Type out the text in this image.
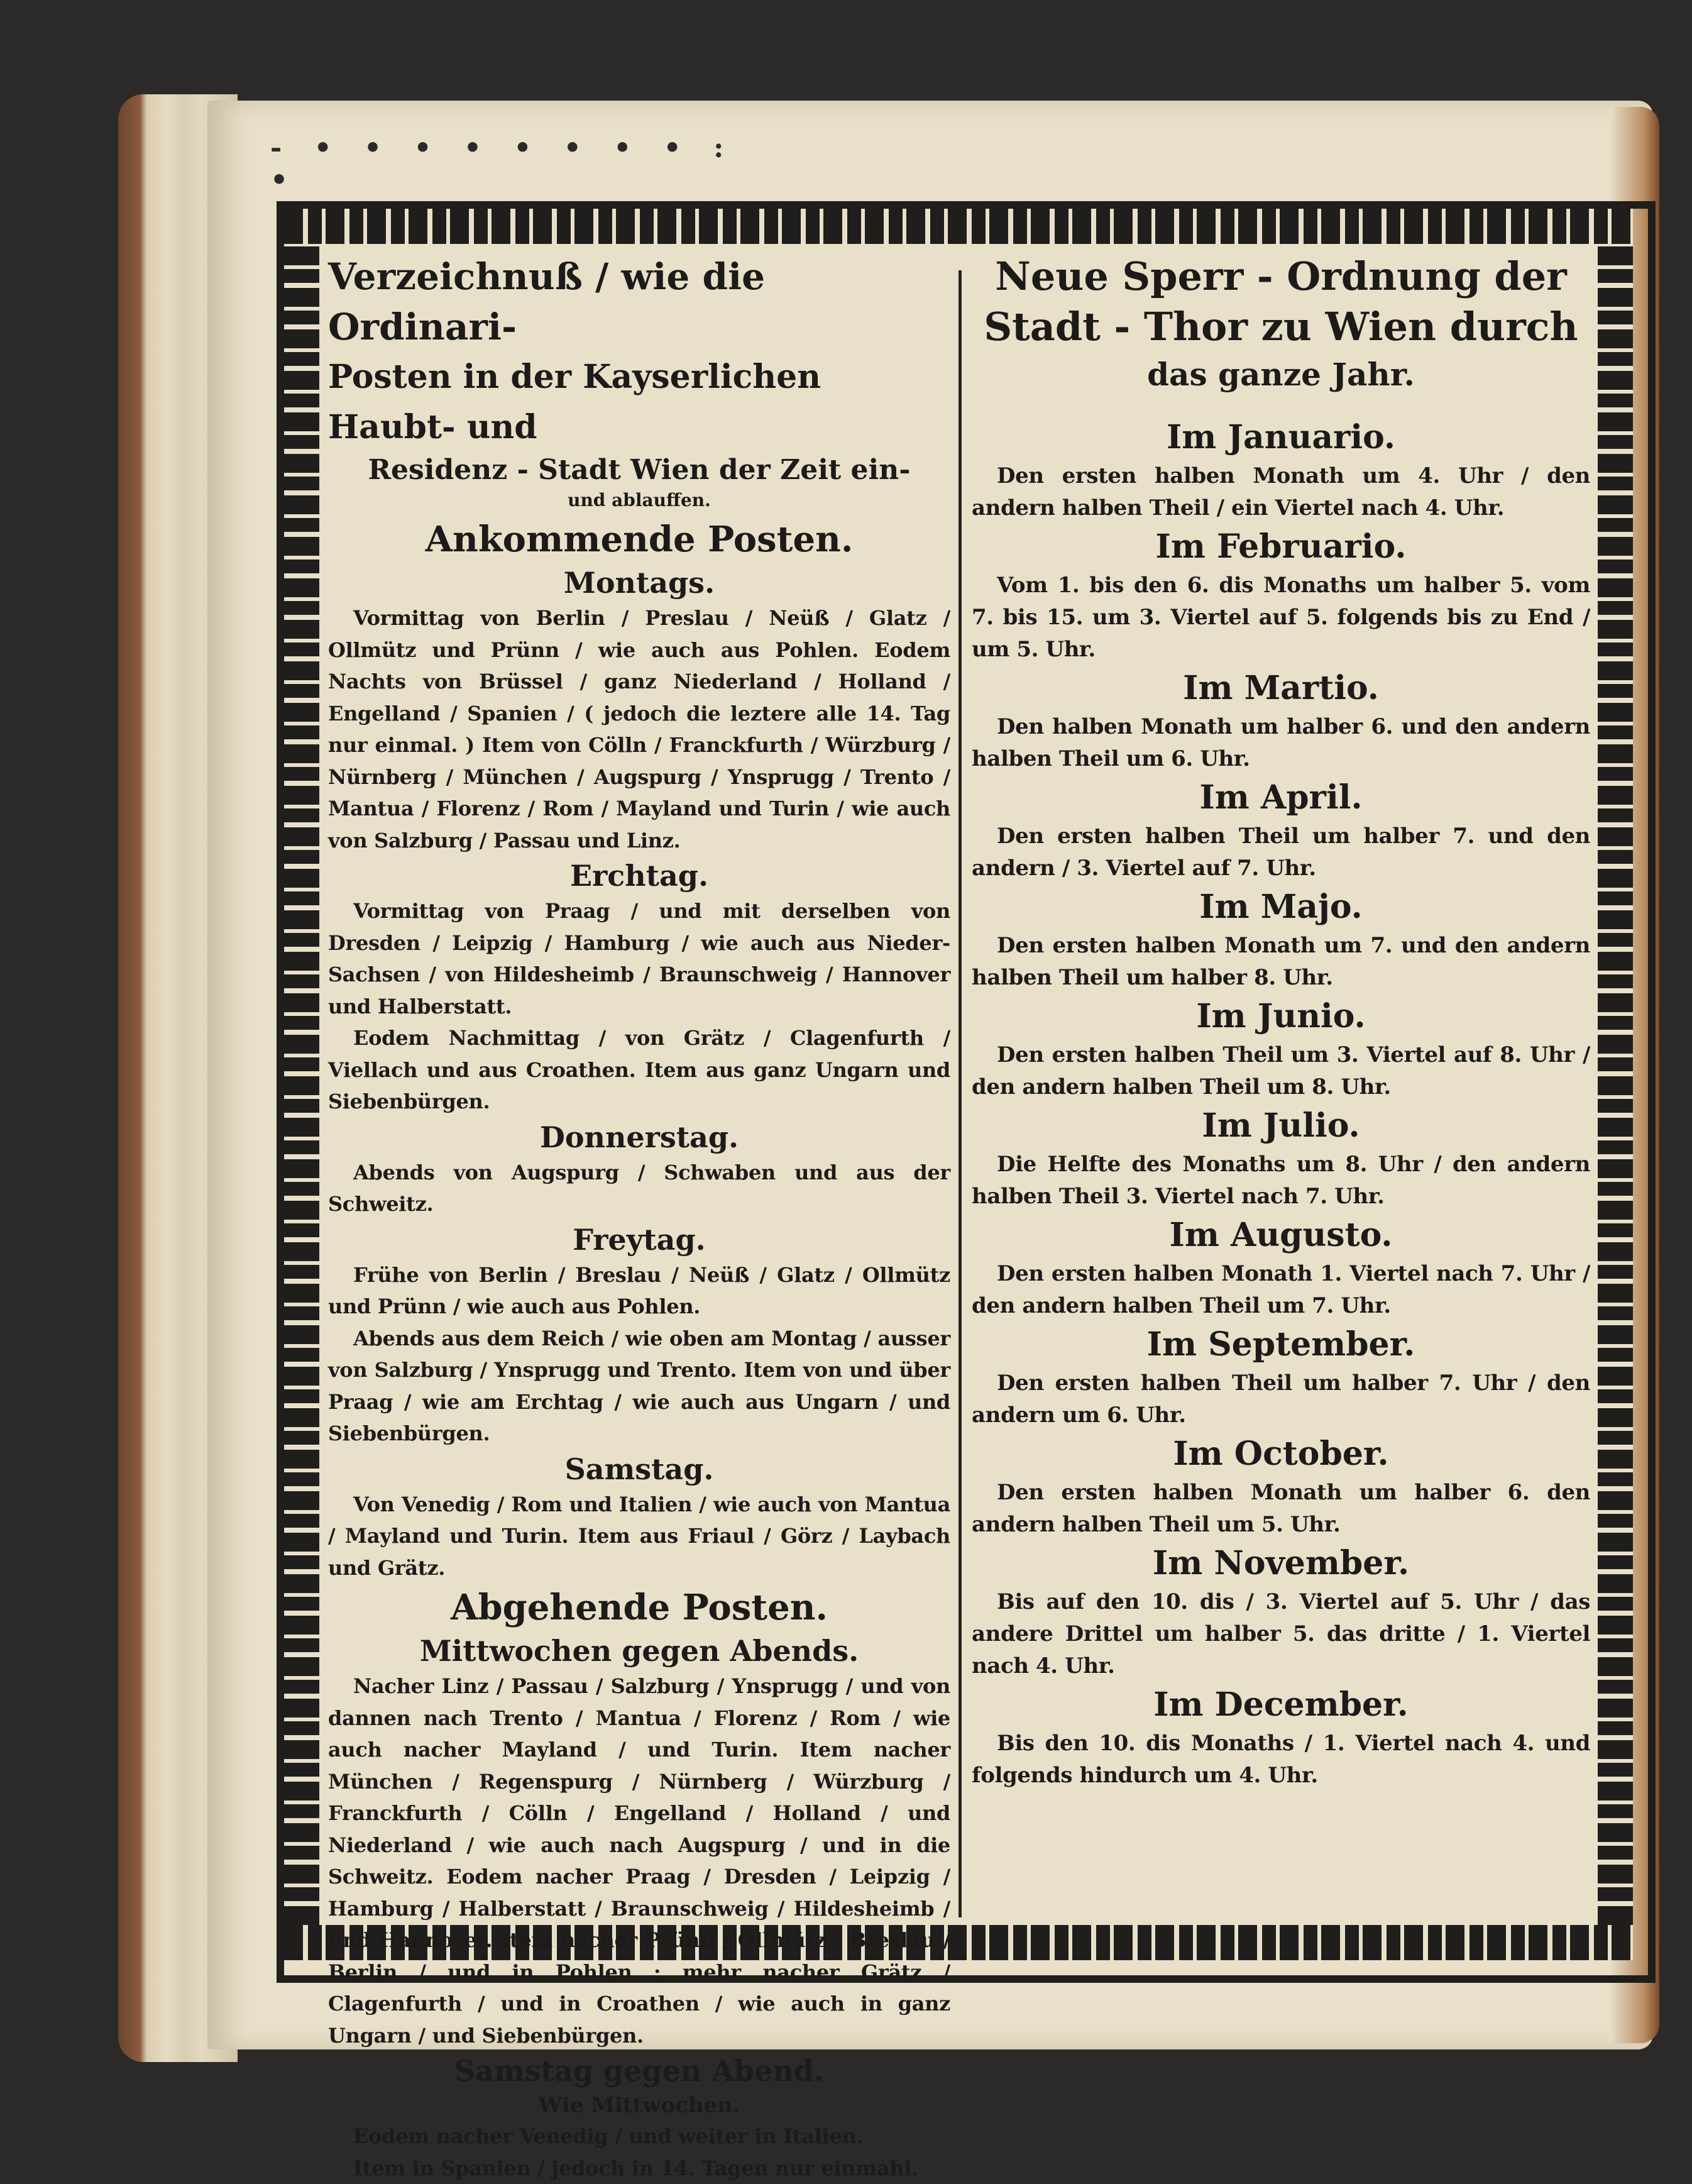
- • • • • • • • • : •

Verzeichnuß / wie die Ordinari-

Posten in der Kayserlichen Haubt- und

Residenz - Stadt Wien der Zeit ein-

und ablauffen.

Ankommende Posten.

Montags.

Vormittag von Berlin / Preslau / Neüß / Glatz / Ollmütz und Prünn / wie auch aus Pohlen. Eodem Nachts von Brüssel / ganz Niederland / Holland / Engelland / Spanien / ( jedoch die leztere alle 14. Tag nur einmal. ) Item von Cölln / Franckfurth / Würzburg / Nürnberg / München / Augspurg / Ynsprugg / Trento / Mantua / Florenz / Rom / Mayland und Turin / wie auch von Salzburg / Passau und Linz.

Erchtag.

Vormittag von Praag / und mit derselben von Dresden / Leipzig / Hamburg / wie auch aus Nieder-Sachsen / von Hildesheimb / Braunschweig / Hannover und Halberstatt.

Eodem Nachmittag / von Grätz / Clagenfurth / Viellach und aus Croathen. Item aus ganz Ungarn und Siebenbürgen.

Donnerstag.

Abends von Augspurg / Schwaben und aus der Schweitz.

Freytag.

Frühe von Berlin / Breslau / Neüß / Glatz / Ollmütz und Prünn / wie auch aus Pohlen.

Abends aus dem Reich / wie oben am Montag / ausser von Salzburg / Ynsprugg und Trento. Item von und über Praag / wie am Erchtag / wie auch aus Ungarn / und Siebenbürgen.

Samstag.

Von Venedig / Rom und Italien / wie auch von Mantua / Mayland und Turin. Item aus Friaul / Görz / Laybach und Grätz.

Abgehende Posten.

Mittwochen gegen Abends.

Nacher Linz / Passau / Salzburg / Ynsprugg / und von dannen nach Trento / Mantua / Florenz / Rom / wie auch nacher Mayland / und Turin. Item nacher München / Regenspurg / Nürnberg / Würzburg / Franckfurth / Cölln / Engelland / Holland / und Niederland / wie auch nach Augspurg / und in die Schweitz. Eodem nacher Praag / Dresden / Leipzig / Hamburg / Halberstatt / Braunschweig / Hildesheimb / und Hannover. Item nacher Prünn / Ollmütz / Breslau / Berlin / und in Pohlen ; mehr nacher Grätz / Clagenfurth / und in Croathen / wie auch in ganz Ungarn / und Siebenbürgen.

Samstag gegen Abend.

Wie Mittwochen.

Eodem nacher Venedig / und weiter in Italien.

Item in Spanien / jedoch in 14. Tagen nur einmahl.

Neue Sperr - Ordnung der

Stadt - Thor zu Wien durch

das ganze Jahr.

Im Januario.

Den ersten halben Monath um 4. Uhr / den andern halben Theil / ein Viertel nach 4. Uhr.

Im Februario.

Vom 1. bis den 6. dis Monaths um halber 5. vom 7. bis 15. um 3. Viertel auf 5. folgends bis zu End / um 5. Uhr.

Im Martio.

Den halben Monath um halber 6. und den andern halben Theil um 6. Uhr.

Im April.

Den ersten halben Theil um halber 7. und den andern / 3. Viertel auf 7. Uhr.

Im Majo.

Den ersten halben Monath um 7. und den andern halben Theil um halber 8. Uhr.

Im Junio.

Den ersten halben Theil um 3. Viertel auf 8. Uhr / den andern halben Theil um 8. Uhr.

Im Julio.

Die Helfte des Monaths um 8. Uhr / den andern halben Theil 3. Viertel nach 7. Uhr.

Im Augusto.

Den ersten halben Monath 1. Viertel nach 7. Uhr / den andern halben Theil um 7. Uhr.

Im September.

Den ersten halben Theil um halber 7. Uhr / den andern um 6. Uhr.

Im October.

Den ersten halben Monath um halber 6. den andern halben Theil um 5. Uhr.

Im November.

Bis auf den 10. dis / 3. Viertel auf 5. Uhr / das andere Drittel um halber 5. das dritte / 1. Viertel nach 4. Uhr.

Im December.

Bis den 10. dis Monaths / 1. Viertel nach 4. und folgends hindurch um 4. Uhr.
